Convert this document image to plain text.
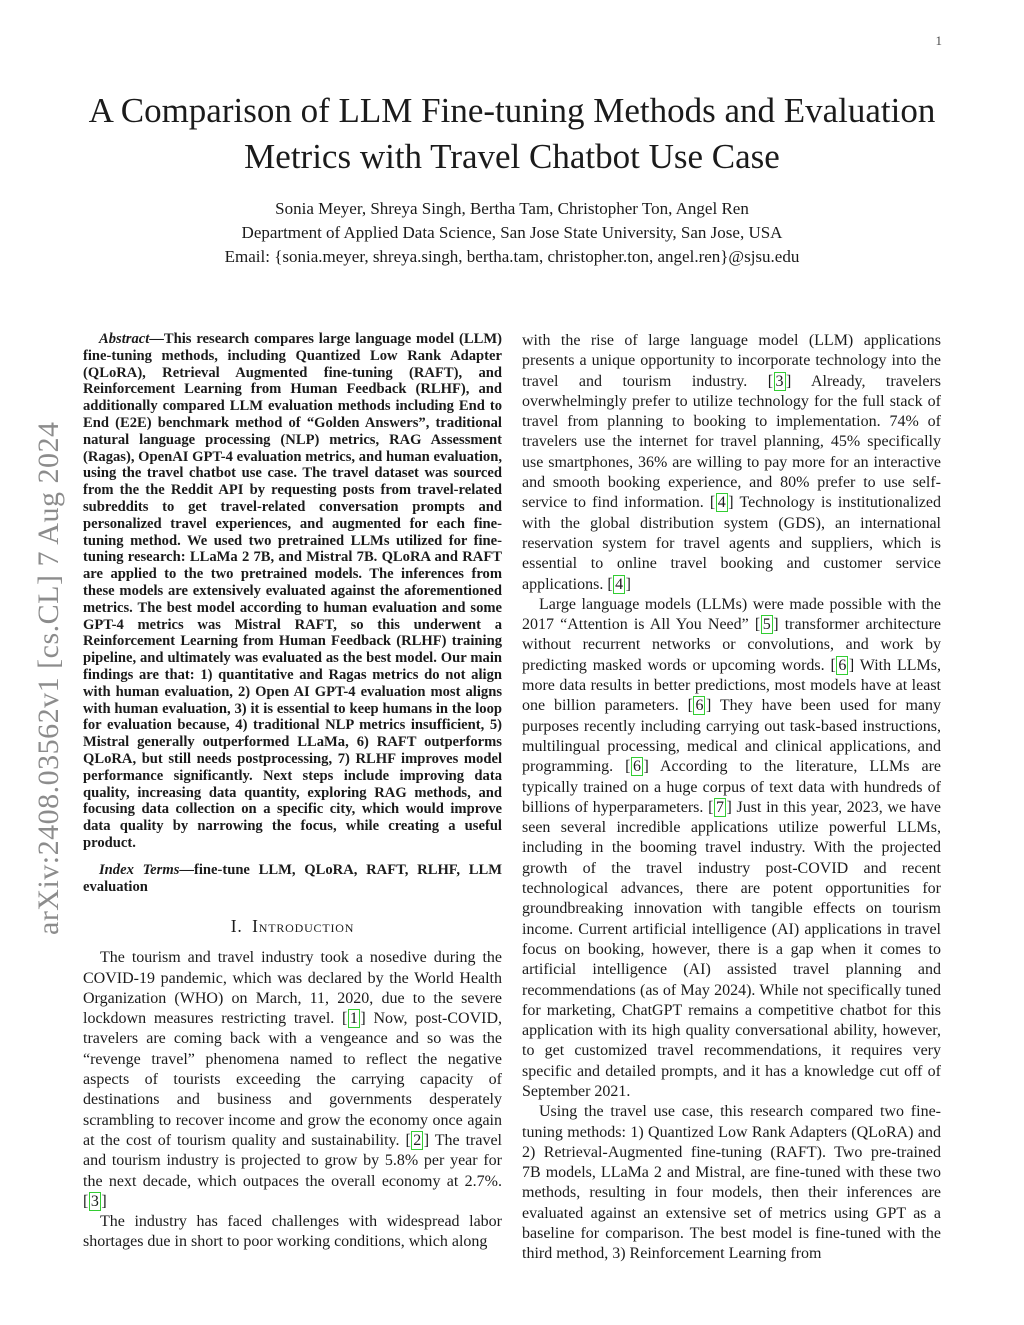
1
arXiv:2408.03562v1 [cs.CL] 7 Aug 2024
A Comparison of LLM Fine-tuning Methods and Evaluation Metrics with Travel Chatbot Use Case
Sonia Meyer, Shreya Singh, Bertha Tam, Christopher Ton, Angel Ren
Department of Applied Data Science, San Jose State University, San Jose, USA
Email: {sonia.meyer, shreya.singh, bertha.tam, christopher.ton, angel.ren}@sjsu.edu

Abstract—This research compares large language model (LLM) fine-tuning methods, including Quantized Low Rank Adapter (QLoRA), Retrieval Augmented fine-tuning (RAFT), and Reinforcement Learning from Human Feedback (RLHF), and additionally compared LLM evaluation methods including End to End (E2E) benchmark method of “Golden Answers”, traditional natural language processing (NLP) metrics, RAG Assessment (Ragas), OpenAI GPT-4 evaluation metrics, and human evaluation, using the travel chatbot use case. The travel dataset was sourced from the the Reddit API by requesting posts from travel-related subreddits to get travel-related conversation prompts and personalized travel experiences, and augmented for each fine-tuning method. We used two pretrained LLMs utilized for fine-tuning research: LLaMa 2 7B, and Mistral 7B. QLoRA and RAFT are applied to the two pretrained models. The inferences from these models are extensively evaluated against the aforementioned metrics. The best model according to human evaluation and some GPT-4 metrics was Mistral RAFT, so this underwent a Reinforcement Learning from Human Feedback (RLHF) training pipeline, and ultimately was evaluated as the best model. Our main findings are that: 1) quantitative and Ragas metrics do not align with human evaluation, 2) Open AI GPT-4 evaluation most aligns with human evaluation, 3) it is essential to keep humans in the loop for evaluation because, 4) traditional NLP metrics insufficient, 5) Mistral generally outperformed LLaMa, 6) RAFT outperforms QLoRA, but still needs postprocessing, 7) RLHF improves model performance significantly. Next steps include improving data quality, increasing data quantity, exploring RAG methods, and focusing data collection on a specific city, which would improve data quality by narrowing the focus, while creating a useful product.

Index Terms—fine-tune LLM, QLoRA, RAFT, RLHF, LLM evaluation

I. Introduction

The tourism and travel industry took a nosedive during the COVID-19 pandemic, which was declared by the World Health Organization (WHO) on March, 11, 2020, due to the severe lockdown measures restricting travel. [ 1 ] Now, post-COVID, travelers are coming back with a vengeance and so was the “revenge travel” phenomena named to reflect the negative aspects of tourists exceeding the carrying capacity of destinations and business and governments desperately scrambling to recover income and grow the economy once again at the cost of tourism quality and sustainability. [ 2 ] The travel and tourism industry is projected to grow by 5.8% per year for the next decade, which outpaces the overall economy at 2.7%. [ 3 ]

The industry has faced challenges with widespread labor shortages due in short to poor working conditions, which along

with the rise of large language model (LLM) applications presents a unique opportunity to incorporate technology into the travel and tourism industry. [ 3 ] Already, travelers overwhelmingly prefer to utilize technology for the full stack of travel from planning to booking to implementation. 74% of travelers use the internet for travel planning, 45% specifically use smartphones, 36% are willing to pay more for an interactive and smooth booking experience, and 80% prefer to use self-service to find information. [ 4 ] Technology is institutionalized with the global distribution system (GDS), an international reservation system for travel agents and suppliers, which is essential to online travel booking and customer service applications. [ 4 ]

Large language models (LLMs) were made possible with the 2017 “Attention is All You Need” [ 5 ] transformer architecture without recurrent networks or convolutions, and work by predicting masked words or upcoming words. [ 6 ] With LLMs, more data results in better predictions, most models have at least one billion parameters. [ 6 ] They have been used for many purposes recently including carrying out task-based instructions, multilingual processing, medical and clinical applications, and programming. [ 6 ] According to the literature, LLMs are typically trained on a huge corpus of text data with hundreds of billions of hyperparameters. [ 7 ] Just in this year, 2023, we have seen several incredible applications utilize powerful LLMs, including in the booming travel industry. With the projected growth of the travel industry post-COVID and recent technological advances, there are potent opportunities for groundbreaking innovation with tangible effects on tourism income. Current artificial intelligence (AI) applications in travel focus on booking, however, there is a gap when it comes to artificial intelligence (AI) assisted travel planning and recommendations (as of May 2024). While not specifically tuned for marketing, ChatGPT remains a competitive chatbot for this application with its high quality conversational ability, however, to get customized travel recommendations, it requires very specific and detailed prompts, and it has a knowledge cut off of September 2021.

Using the travel use case, this research compared two fine-tuning methods: 1) Quantized Low Rank Adapters (QLoRA) and 2) Retrieval-Augmented fine-tuning (RAFT). Two pre-trained 7B models, LLaMa 2 and Mistral, are fine-tuned with these two methods, resulting in four models, then their inferences are evaluated against an extensive set of metrics using GPT as a baseline for comparison. The best model is fine-tuned with the third method, 3) Reinforcement Learning from
